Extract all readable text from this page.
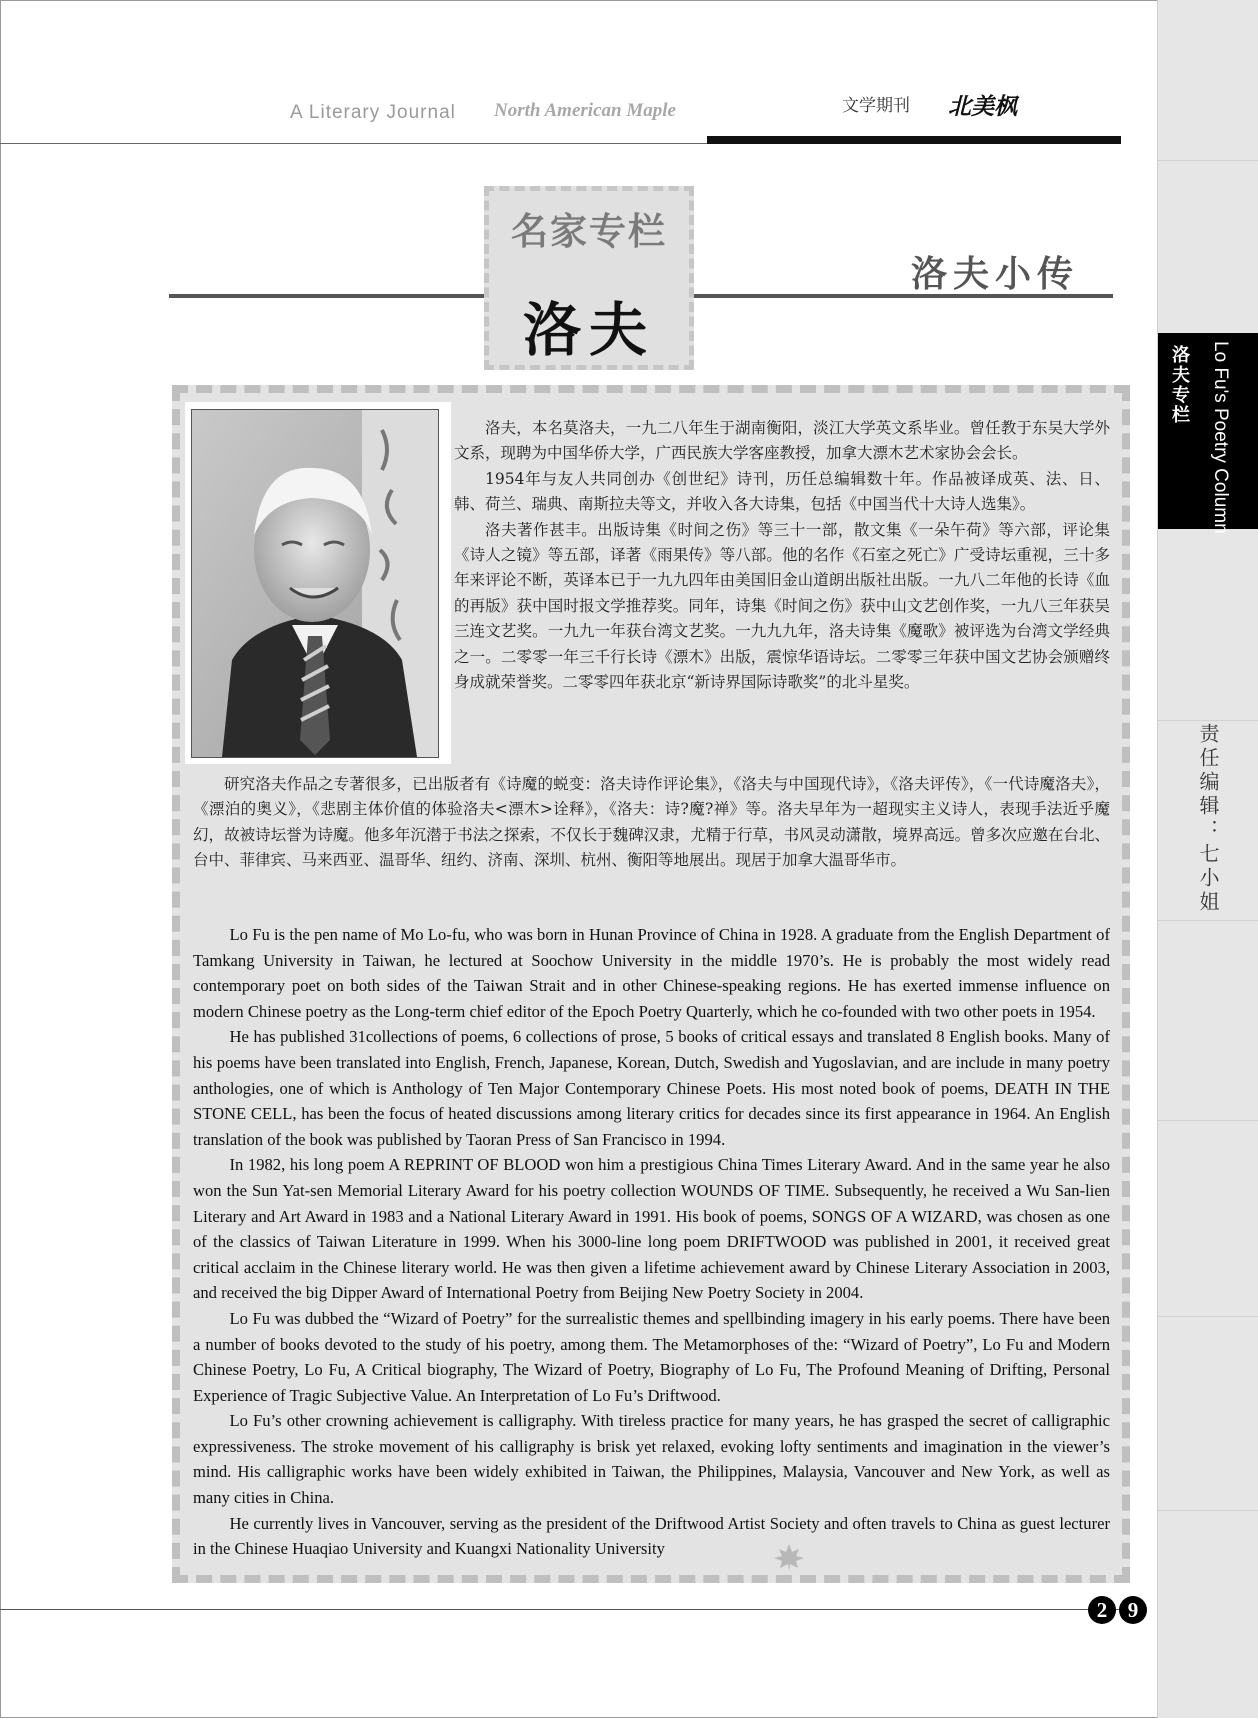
A Literary Journal North American Maple	文学期刊 北美枫
洛夫专栏 Lo Fu's Poetry Column
责任编辑：七小姐
名家专栏
洛夫
洛夫小传

洛夫，本名莫洛夫，一九二八年生于湖南衡阳，淡江大学英文系毕业。曾任教于东吴大学外文系，现聘为中国华侨大学，广西民族大学客座教授，加拿大漂木艺术家协会会长。

1954年与友人共同创办《创世纪》诗刊，历任总编辑数十年。作品被译成英、法、日、韩、荷兰、瑞典、南斯拉夫等文，并收入各大诗集，包括《中国当代十大诗人选集》。

洛夫著作甚丰。出版诗集《时间之伤》等三十一部，散文集《一朵午荷》等六部，评论集《诗人之镜》等五部，译著《雨果传》等八部。他的名作《石室之死亡》广受诗坛重视，三十多年来评论不断，英译本已于一九九四年由美国旧金山道朗出版社出版。一九八二年他的长诗《血的再版》获中国时报文学推荐奖。同年，诗集《时间之伤》获中山文艺创作奖，一九八三年获吴三连文艺奖。一九九一年获台湾文艺奖。一九九九年，洛夫诗集《魔歌》被评选为台湾文学经典之一。二零零一年三千行长诗《漂木》出版，震惊华语诗坛。二零零三年获中国文艺协会颁赠终身成就荣誉奖。二零零四年获北京“新诗界国际诗歌奖”的北斗星奖。

研究洛夫作品之专著很多，已出版者有《诗魔的蜕变：洛夫诗作评论集》，《洛夫与中国现代诗》，《洛夫评传》，《一代诗魔洛夫》，《漂泊的奥义》，《悲剧主体价值的体验洛夫<漂木>诠释》，《洛夫：诗?魔?禅》等。洛夫早年为一超现实主义诗人，表现手法近乎魔幻，故被诗坛誉为诗魔。他多年沉潜于书法之探索，不仅长于魏碑汉隶，尤精于行草，书风灵动潇散，境界高远。曾多次应邀在台北、台中、菲律宾、马来西亚、温哥华、纽约、济南、深圳、杭州、衡阳等地展出。现居于加拿大温哥华市。

Lo Fu is the pen name of Mo Lo-fu, who was born in Hunan Province of China in 1928. A graduate from the English Department of Tamkang University in Taiwan, he lectured at Soochow University in the middle 1970’s. He is probably the most widely read contemporary poet on both sides of the Taiwan Strait and in other Chinese-speaking regions. He has exerted immense influence on modern Chinese poetry as the Long-term chief editor of the Epoch Poetry Quarterly, which he co-founded with two other poets in 1954.

He has published 31collections of poems, 6 collections of prose, 5 books of critical essays and translated 8 English books. Many of his poems have been translated into English, French, Japanese, Korean, Dutch, Swedish and Yugoslavian, and are include in many poetry anthologies, one of which is Anthology of Ten Major Contemporary Chinese Poets. His most noted book of poems, DEATH IN THE STONE CELL, has been the focus of heated discussions among literary critics for decades since its first appearance in 1964. An English translation of the book was published by Taoran Press of San Francisco in 1994.

In 1982, his long poem A REPRINT OF BLOOD won him a prestigious China Times Literary Award. And in the same year he also won the Sun Yat-sen Memorial Literary Award for his poetry collection WOUNDS OF TIME. Subsequently, he received a Wu San-lien Literary and Art Award in 1983 and a National Literary Award in 1991. His book of poems, SONGS OF A WIZARD, was chosen as one of the classics of Taiwan Literature in 1999. When his 3000-line long poem DRIFTWOOD was published in 2001, it received great critical acclaim in the Chinese literary world. He was then given a lifetime achievement award by Chinese Literary Association in 2003, and received the big Dipper Award of International Poetry from Beijing New Poetry Society in 2004.

Lo Fu was dubbed the “Wizard of Poetry” for the surrealistic themes and spellbinding imagery in his early poems. There have been a number of books devoted to the study of his poetry, among them. The Metamorphoses of the: “Wizard of Poetry”, Lo Fu and Modern Chinese Poetry, Lo Fu, A Critical biography, The Wizard of Poetry, Biography of Lo Fu, The Profound Meaning of Drifting, Personal Experience of Tragic Subjective Value. An Interpretation of Lo Fu’s Driftwood.

Lo Fu’s other crowning achievement is calligraphy. With tireless practice for many years, he has grasped the secret of calligraphic expressiveness. The stroke movement of his calligraphy is brisk yet relaxed, evoking lofty sentiments and imagination in the viewer’s mind. His calligraphic works have been widely exhibited in Taiwan, the Philippines, Malaysia, Vancouver and New York, as well as many cities in China.

He currently lives in Vancouver, serving as the president of the Driftwood Artist Society and often travels to China as guest lecturer in the Chinese Huaqiao University and Kuangxi Nationality University

2 9
